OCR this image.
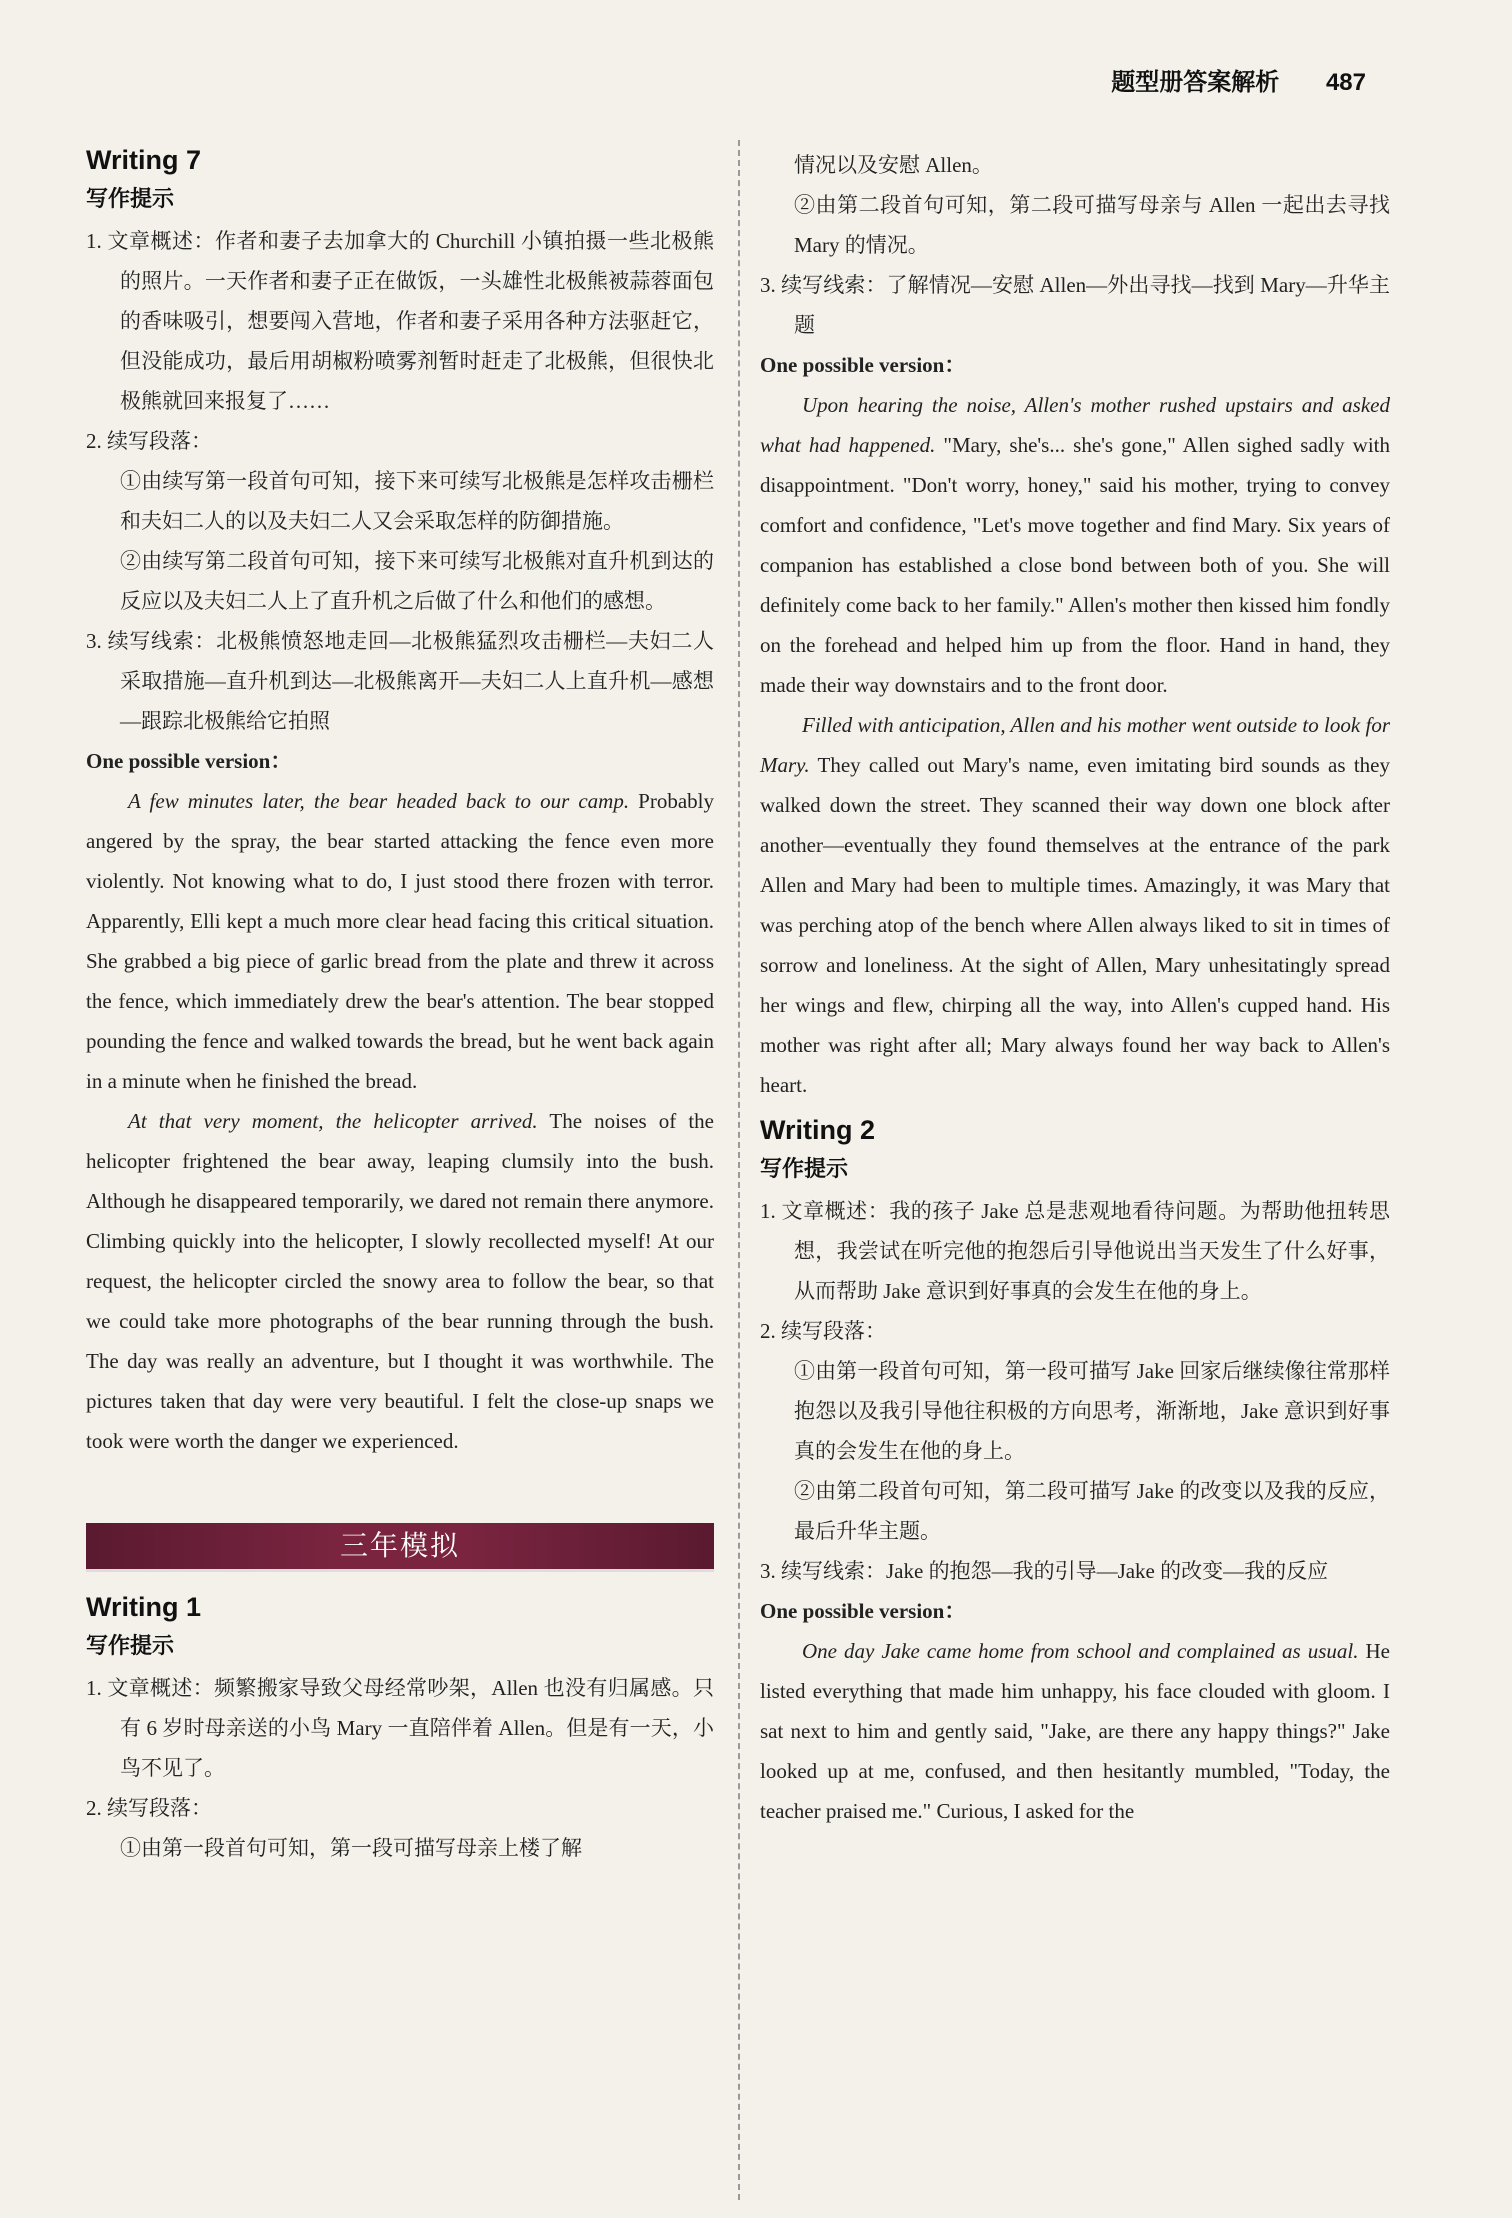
题型册答案解析 487
Writing 7
写作提示

1. 文章概述：作者和妻子去加拿大的 Churchill 小镇拍摄一些北极熊的照片。一天作者和妻子正在做饭，一头雄性北极熊被蒜蓉面包的香味吸引，想要闯入营地，作者和妻子采用各种方法驱赶它，但没能成功，最后用胡椒粉喷雾剂暂时赶走了北极熊，但很快北极熊就回来报复了……

2. 续写段落：

①由续写第一段首句可知，接下来可续写北极熊是怎样攻击栅栏和夫妇二人的以及夫妇二人又会采取怎样的防御措施。

②由续写第二段首句可知，接下来可续写北极熊对直升机到达的反应以及夫妇二人上了直升机之后做了什么和他们的感想。

3. 续写线索：北极熊愤怒地走回—北极熊猛烈攻击栅栏—夫妇二人采取措施—直升机到达—北极熊离开—夫妇二人上直升机—感想—跟踪北极熊给它拍照

One possible version：

A few minutes later, the bear headed back to our camp. Probably angered by the spray, the bear started attacking the fence even more violently. Not knowing what to do, I just stood there frozen with terror. Apparently, Elli kept a much more clear head facing this critical situation. She grabbed a big piece of garlic bread from the plate and threw it across the fence, which immediately drew the bear's attention. The bear stopped pounding the fence and walked towards the bread, but he went back again in a minute when he finished the bread.

At that very moment, the helicopter arrived. The noises of the helicopter frightened the bear away, leaping clumsily into the bush. Although he disappeared temporarily, we dared not remain there anymore. Climbing quickly into the helicopter, I slowly recollected myself! At our request, the helicopter circled the snowy area to follow the bear, so that we could take more photographs of the bear running through the bush. The day was really an adventure, but I thought it was worthwhile. The pictures taken that day were very beautiful. I felt the close-up snaps we took were worth the danger we experienced.

三年模拟
Writing 1
写作提示

1. 文章概述：频繁搬家导致父母经常吵架，Allen 也没有归属感。只有 6 岁时母亲送的小鸟 Mary 一直陪伴着 Allen。但是有一天，小鸟不见了。

2. 续写段落：

①由第一段首句可知，第一段可描写母亲上楼了解

情况以及安慰 Allen。

②由第二段首句可知，第二段可描写母亲与 Allen 一起出去寻找 Mary 的情况。

3. 续写线索：了解情况—安慰 Allen—外出寻找—找到 Mary—升华主题

One possible version：

Upon hearing the noise, Allen's mother rushed upstairs and asked what had happened. "Mary, she's... she's gone," Allen sighed sadly with disappointment. "Don't worry, honey," said his mother, trying to convey comfort and confidence, "Let's move together and find Mary. Six years of companion has established a close bond between both of you. She will definitely come back to her family." Allen's mother then kissed him fondly on the forehead and helped him up from the floor. Hand in hand, they made their way downstairs and to the front door.

Filled with anticipation, Allen and his mother went outside to look for Mary. They called out Mary's name, even imitating bird sounds as they walked down the street. They scanned their way down one block after another—eventually they found themselves at the entrance of the park Allen and Mary had been to multiple times. Amazingly, it was Mary that was perching atop of the bench where Allen always liked to sit in times of sorrow and loneliness. At the sight of Allen, Mary unhesitatingly spread her wings and flew, chirping all the way, into Allen's cupped hand. His mother was right after all; Mary always found her way back to Allen's heart.

Writing 2
写作提示

1. 文章概述：我的孩子 Jake 总是悲观地看待问题。为帮助他扭转思想，我尝试在听完他的抱怨后引导他说出当天发生了什么好事，从而帮助 Jake 意识到好事真的会发生在他的身上。

2. 续写段落：

①由第一段首句可知，第一段可描写 Jake 回家后继续像往常那样抱怨以及我引导他往积极的方向思考，渐渐地，Jake 意识到好事真的会发生在他的身上。

②由第二段首句可知，第二段可描写 Jake 的改变以及我的反应，最后升华主题。

3. 续写线索：Jake 的抱怨—我的引导—Jake 的改变—我的反应

One possible version：

One day Jake came home from school and complained as usual. He listed everything that made him unhappy, his face clouded with gloom. I sat next to him and gently said, "Jake, are there any happy things?" Jake looked up at me, confused, and then hesitantly mumbled, "Today, the teacher praised me." Curious, I asked for the
